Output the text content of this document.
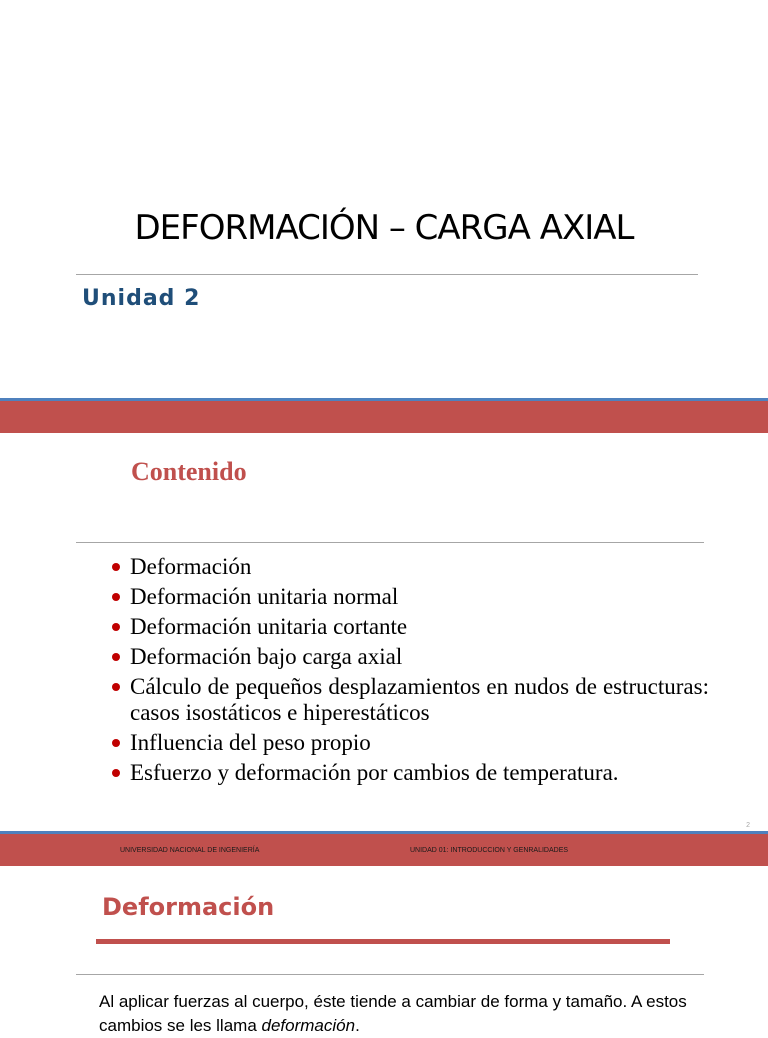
DEFORMACIÓN – CARGA AXIAL
Unidad 2
Contenido
Deformación
Deformación unitaria normal
Deformación unitaria cortante
Deformación bajo carga axial
Cálculo de pequeños desplazamientos en nudos de estructuras: casos isostáticos e hiperestáticos
Influencia del peso propio
Esfuerzo y deformación por cambios de temperatura.
2
UNIVERSIDAD NACIONAL DE INGENIERÍA	UNIDAD 01: INTRODUCCION Y GENRALIDADES
Deformación

Al aplicar fuerzas al cuerpo, éste tiende a cambiar de forma y tamaño. A estos cambios se les llama deformación.
